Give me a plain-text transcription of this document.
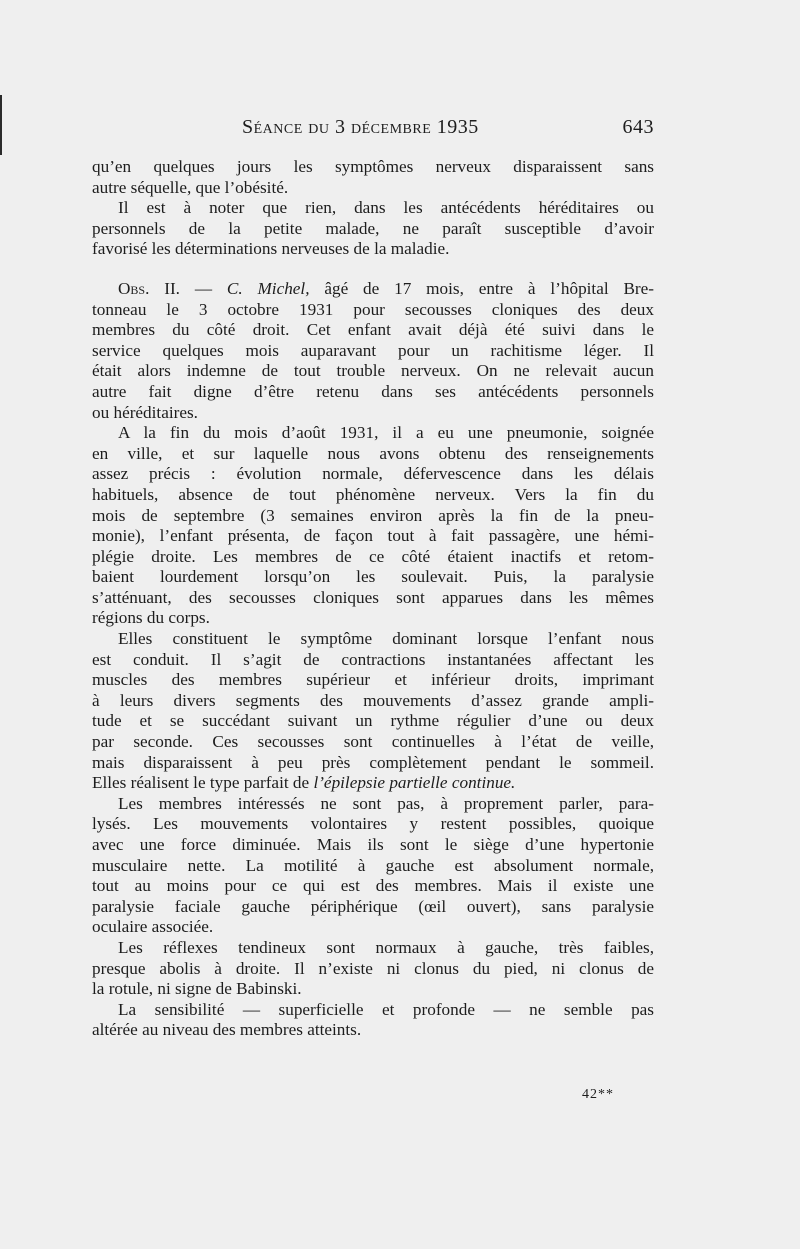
Séance du 3 décembre 1935	643
qu’en quelques jours les symptômes nerveux disparaissent sans
autre séquelle, que l’obésité.
Il est à noter que rien, dans les antécédents héréditaires ou
personnels de la petite malade, ne paraît susceptible d’avoir
favorisé les déterminations nerveuses de la maladie.
Obs. II. — C. Michel, âgé de 17 mois, entre à l’hôpital Bre-
tonneau le 3 octobre 1931 pour secousses cloniques des deux
membres du côté droit. Cet enfant avait déjà été suivi dans le
service quelques mois auparavant pour un rachitisme léger. Il
était alors indemne de tout trouble nerveux. On ne relevait aucun
autre fait digne d’être retenu dans ses antécédents personnels
ou héréditaires.
A la fin du mois d’août 1931, il a eu une pneumonie, soignée
en ville, et sur laquelle nous avons obtenu des renseignements
assez précis : évolution normale, défervescence dans les délais
habituels, absence de tout phénomène nerveux. Vers la fin du
mois de septembre (3 semaines environ après la fin de la pneu-
monie), l’enfant présenta, de façon tout à fait passagère, une hémi-
plégie droite. Les membres de ce côté étaient inactifs et retom-
baient lourdement lorsqu’on les soulevait. Puis, la paralysie
s’atténuant, des secousses cloniques sont apparues dans les mêmes
régions du corps.
Elles constituent le symptôme dominant lorsque l’enfant nous
est conduit. Il s’agit de contractions instantanées affectant les
muscles des membres supérieur et inférieur droits, imprimant
à leurs divers segments des mouvements d’assez grande ampli-
tude et se succédant suivant un rythme régulier d’une ou deux
par seconde. Ces secousses sont continuelles à l’état de veille,
mais disparaissent à peu près complètement pendant le sommeil.
Elles réalisent le type parfait de l’épilepsie partielle continue.
Les membres intéressés ne sont pas, à proprement parler, para-
lysés. Les mouvements volontaires y restent possibles, quoique
avec une force diminuée. Mais ils sont le siège d’une hypertonie
musculaire nette. La motilité à gauche est absolument normale,
tout au moins pour ce qui est des membres. Mais il existe une
paralysie faciale gauche périphérique (œil ouvert), sans paralysie
oculaire associée.
Les réflexes tendineux sont normaux à gauche, très faibles,
presque abolis à droite. Il n’existe ni clonus du pied, ni clonus de
la rotule, ni signe de Babinski.
La sensibilité — superficielle et profonde — ne semble pas
altérée au niveau des membres atteints.
42**
